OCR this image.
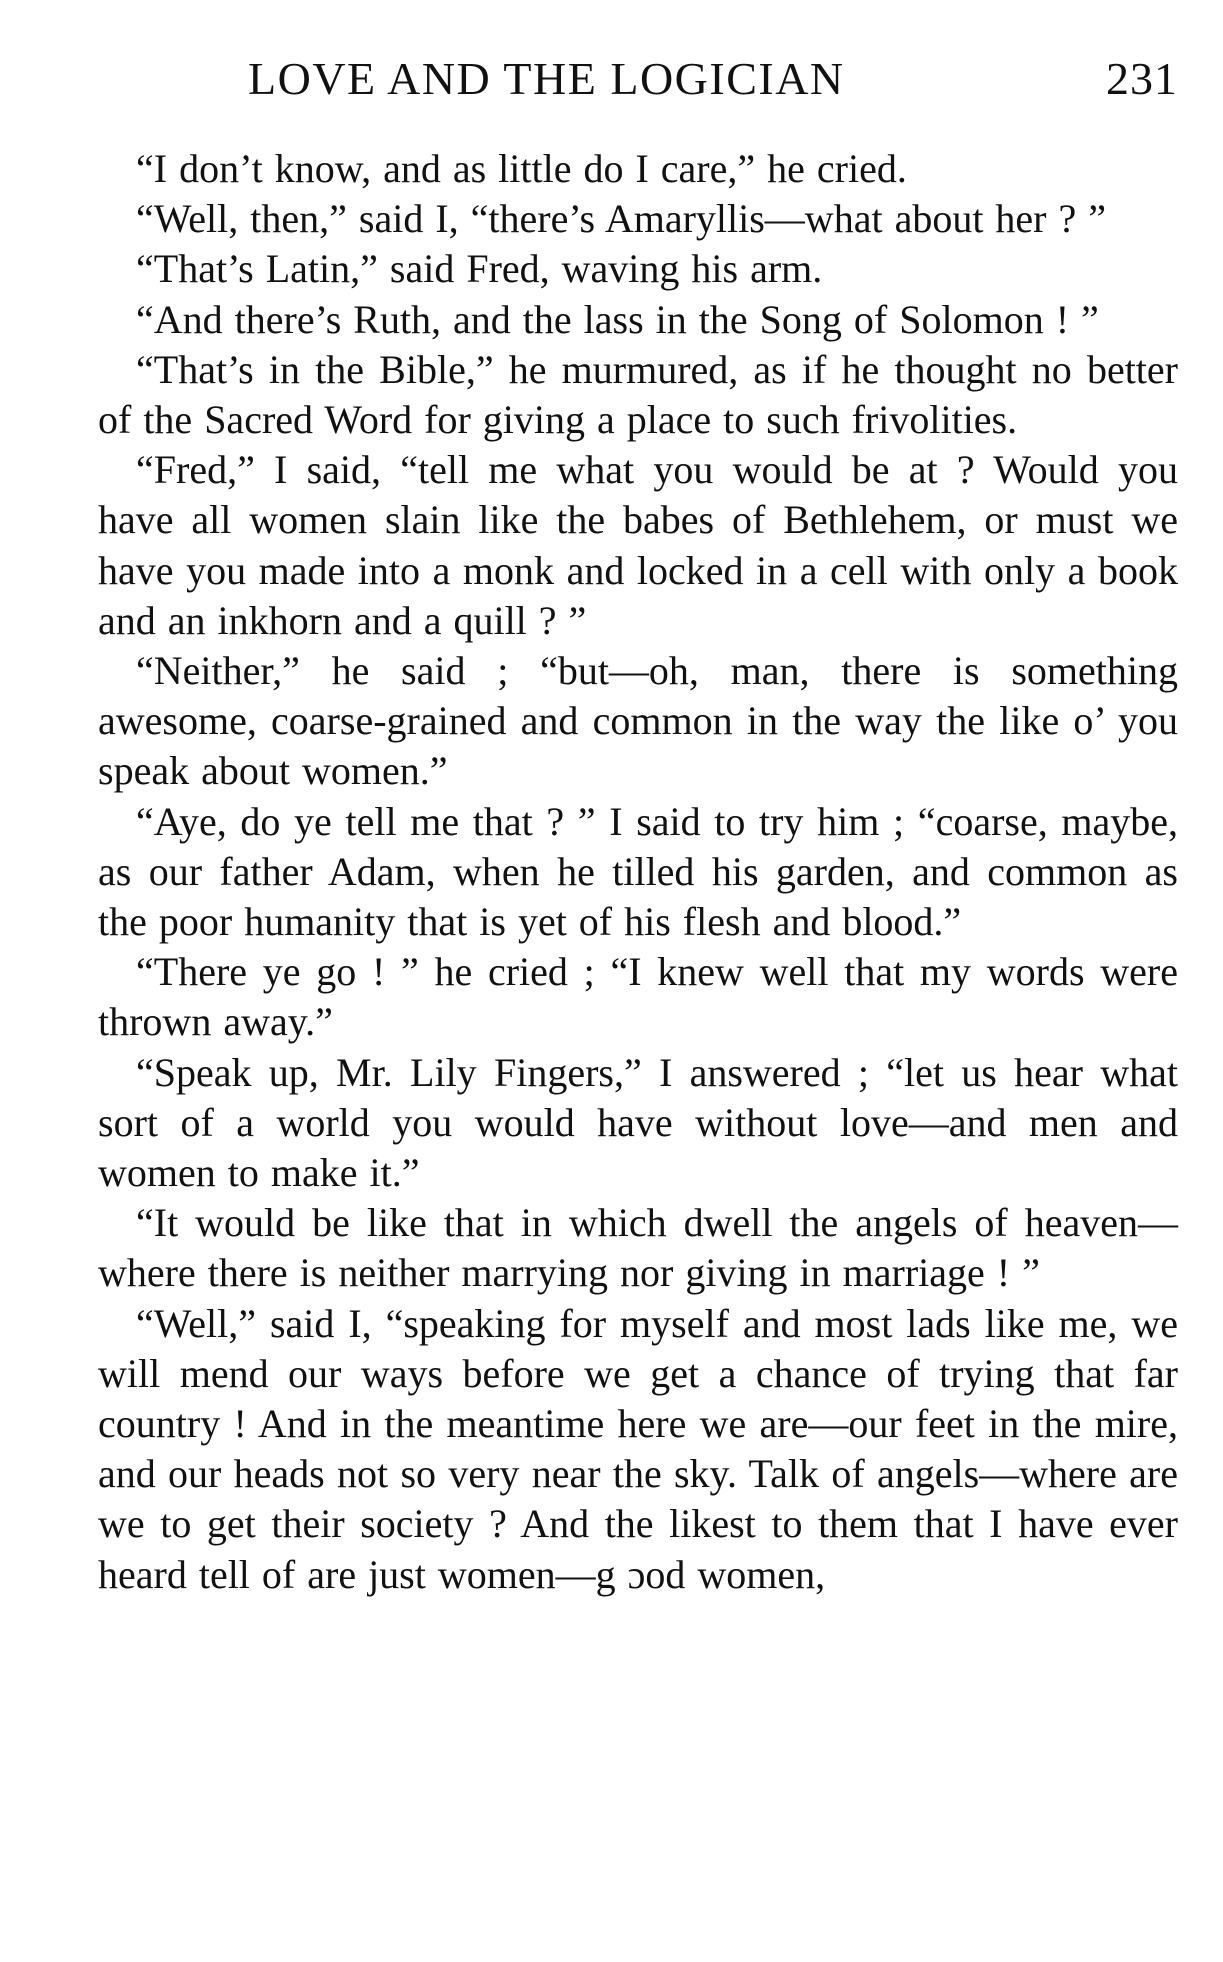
LOVE AND THE LOGICIAN	231

“I don’t know, and as little do I care,” he cried.

“Well, then,” said I, “there’s Amaryllis—what about her ? ”

“That’s Latin,” said Fred, waving his arm.

“And there’s Ruth, and the lass in the Song of Solomon ! ”

“That’s in the Bible,” he murmured, as if he thought no better of the Sacred Word for giving a place to such frivolities.

“Fred,” I said, “tell me what you would be at ? Would you have all women slain like the babes of Bethlehem, or must we have you made into a monk and locked in a cell with only a book and an inkhorn and a quill ? ”

“Neither,” he said ; “but—oh, man, there is something awesome, coarse-grained and common in the way the like o’ you speak about women.”

“Aye, do ye tell me that ? ” I said to try him ; “coarse, maybe, as our father Adam, when he tilled his garden, and common as the poor humanity that is yet of his flesh and blood.”

“There ye go ! ” he cried ; “I knew well that my words were thrown away.”

“Speak up, Mr. Lily Fingers,” I answered ; “let us hear what sort of a world you would have without love—and men and women to make it.”

“It would be like that in which dwell the angels of heaven—where there is neither marrying nor giving in marriage ! ”

“Well,” said I, “speaking for myself and most lads like me, we will mend our ways before we get a chance of trying that far country ! And in the meantime here we are—our feet in the mire, and our heads not so very near the sky. Talk of angels—where are we to get their society ? And the likest to them that I have ever heard tell of are just women—g ɔod women,
